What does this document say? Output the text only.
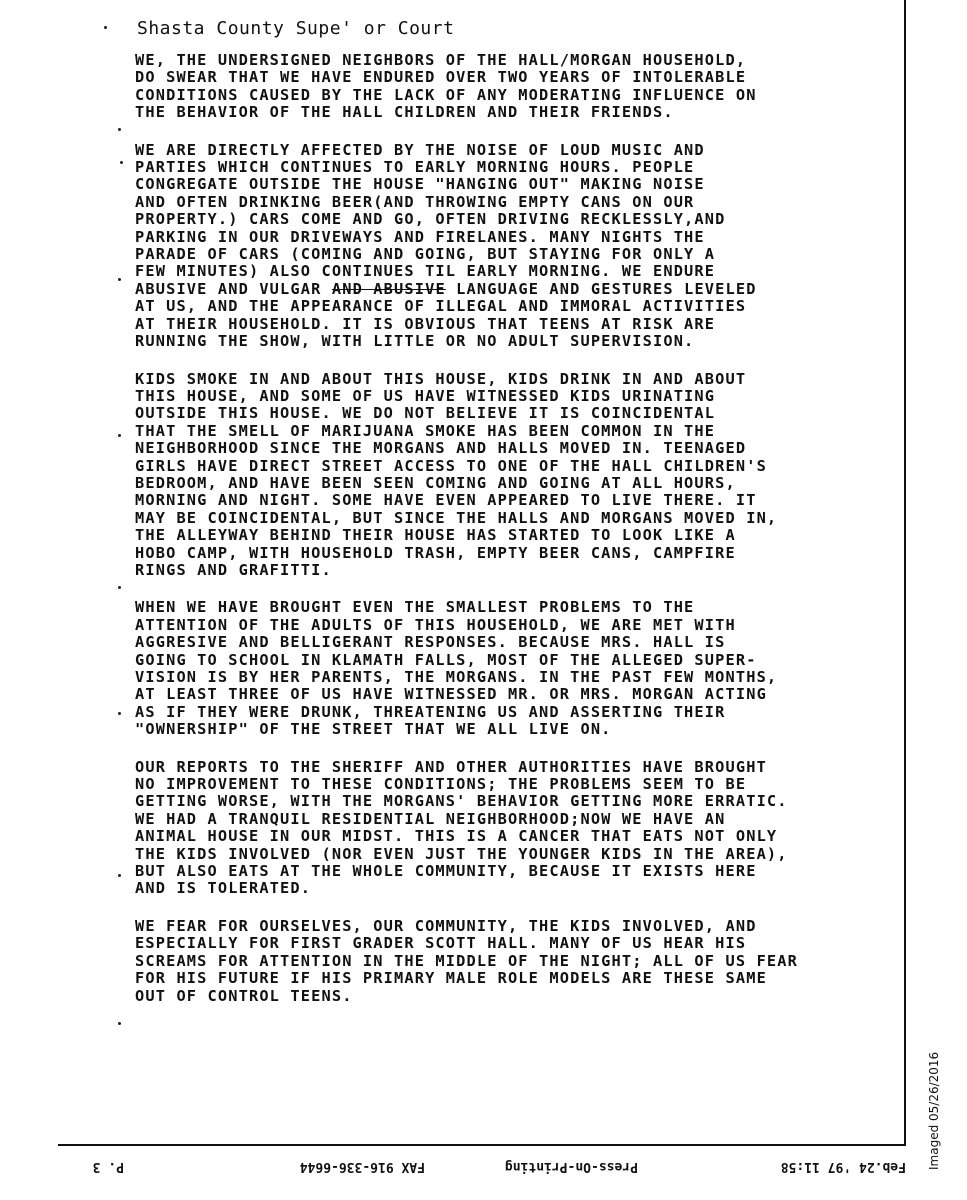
Shasta County Supe' or Court
WE, THE UNDERSIGNED NEIGHBORS OF THE HALL/MORGAN HOUSEHOLD,
DO SWEAR THAT WE HAVE ENDURED OVER TWO YEARS OF INTOLERABLE
CONDITIONS CAUSED BY THE LACK OF ANY MODERATING INFLUENCE ON
THE BEHAVIOR OF THE HALL CHILDREN AND THEIR FRIENDS.
WE ARE DIRECTLY AFFECTED BY THE NOISE OF LOUD MUSIC AND
PARTIES WHICH CONTINUES TO EARLY MORNING HOURS. PEOPLE
CONGREGATE OUTSIDE THE HOUSE "HANGING OUT" MAKING NOISE
AND OFTEN DRINKING BEER(AND THROWING EMPTY CANS ON OUR
PROPERTY.) CARS COME AND GO, OFTEN DRIVING RECKLESSLY,AND
PARKING IN OUR DRIVEWAYS AND FIRELANES. MANY NIGHTS THE
PARADE OF CARS (COMING AND GOING, BUT STAYING FOR ONLY A
FEW MINUTES) ALSO CONTINUES TIL EARLY MORNING. WE ENDURE
ABUSIVE AND VULGAR AND ABUSIVE LANGUAGE AND GESTURES LEVELED
AT US, AND THE APPEARANCE OF ILLEGAL AND IMMORAL ACTIVITIES
AT THEIR HOUSEHOLD. IT IS OBVIOUS THAT TEENS AT RISK ARE
RUNNING THE SHOW, WITH LITTLE OR NO ADULT SUPERVISION.
KIDS SMOKE IN AND ABOUT THIS HOUSE, KIDS DRINK IN AND ABOUT
THIS HOUSE, AND SOME OF US HAVE WITNESSED KIDS URINATING
OUTSIDE THIS HOUSE. WE DO NOT BELIEVE IT IS COINCIDENTAL
THAT THE SMELL OF MARIJUANA SMOKE HAS BEEN COMMON IN THE
NEIGHBORHOOD SINCE THE MORGANS AND HALLS MOVED IN. TEENAGED
GIRLS HAVE DIRECT STREET ACCESS TO ONE OF THE HALL CHILDREN'S
BEDROOM, AND HAVE BEEN SEEN COMING AND GOING AT ALL HOURS,
MORNING AND NIGHT. SOME HAVE EVEN APPEARED TO LIVE THERE. IT
MAY BE COINCIDENTAL, BUT SINCE THE HALLS AND MORGANS MOVED IN,
THE ALLEYWAY BEHIND THEIR HOUSE HAS STARTED TO LOOK LIKE A
HOBO CAMP, WITH HOUSEHOLD TRASH, EMPTY BEER CANS, CAMPFIRE
RINGS AND GRAFITTI.
WHEN WE HAVE BROUGHT EVEN THE SMALLEST PROBLEMS TO THE
ATTENTION OF THE ADULTS OF THIS HOUSEHOLD, WE ARE MET WITH
AGGRESIVE AND BELLIGERANT RESPONSES. BECAUSE MRS. HALL IS
GOING TO SCHOOL IN KLAMATH FALLS, MOST OF THE ALLEGED SUPER-
VISION IS BY HER PARENTS, THE MORGANS. IN THE PAST FEW MONTHS,
AT LEAST THREE OF US HAVE WITNESSED MR. OR MRS. MORGAN ACTING
AS IF THEY WERE DRUNK, THREATENING US AND ASSERTING THEIR
"OWNERSHIP" OF THE STREET THAT WE ALL LIVE ON.
OUR REPORTS TO THE SHERIFF AND OTHER AUTHORITIES HAVE BROUGHT
NO IMPROVEMENT TO THESE CONDITIONS; THE PROBLEMS SEEM TO BE
GETTING WORSE, WITH THE MORGANS' BEHAVIOR GETTING MORE ERRATIC.
WE HAD A TRANQUIL RESIDENTIAL NEIGHBORHOOD;NOW WE HAVE AN
ANIMAL HOUSE IN OUR MIDST. THIS IS A CANCER THAT EATS NOT ONLY
THE KIDS INVOLVED (NOR EVEN JUST THE YOUNGER KIDS IN THE AREA),
BUT ALSO EATS AT THE WHOLE COMMUNITY, BECAUSE IT EXISTS HERE
AND IS TOLERATED.
WE FEAR FOR OURSELVES, OUR COMMUNITY, THE KIDS INVOLVED, AND
ESPECIALLY FOR FIRST GRADER SCOTT HALL. MANY OF US HEAR HIS
SCREAMS FOR ATTENTION IN THE MIDDLE OF THE NIGHT; ALL OF US FEAR
FOR HIS FUTURE IF HIS PRIMARY MALE ROLE MODELS ARE THESE SAME
OUT OF CONTROL TEENS.
Feb.24 '97 11:58
Press-On-Printing
FAX 916-336-6644
P. 3	Imaged 05/26/2016
